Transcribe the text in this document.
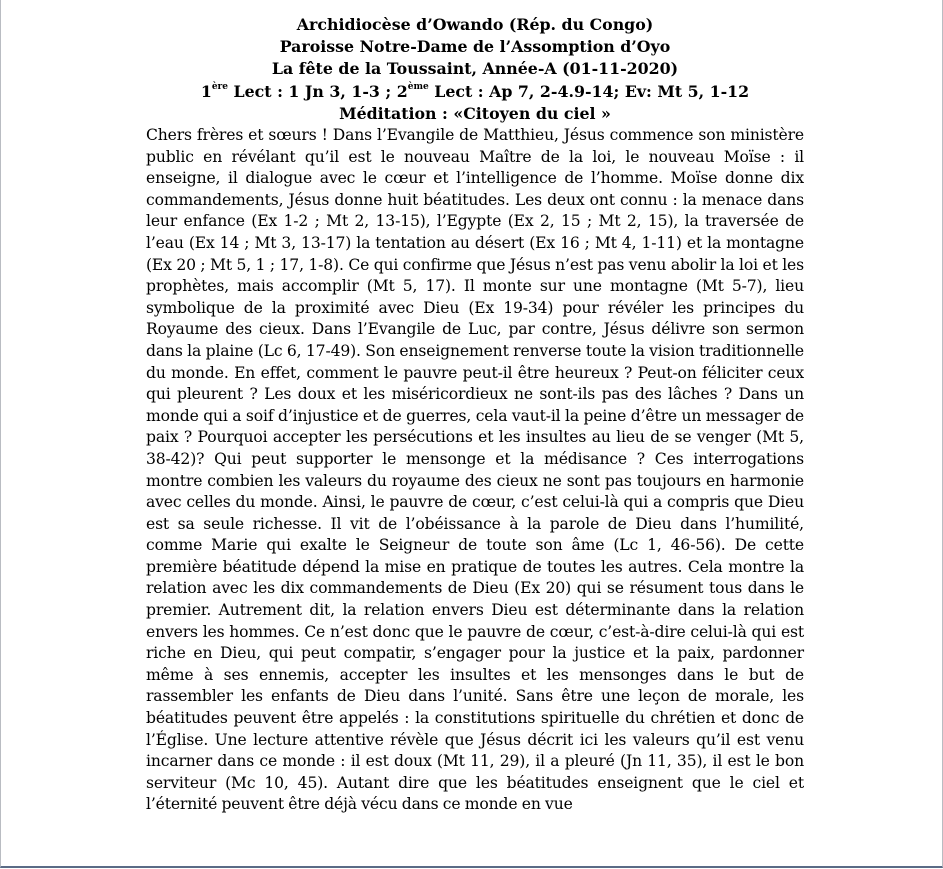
Archidiocèse d’Owando (Rép. du Congo)
Paroisse Notre-Dame de l’Assomption d’Oyo
La fête de la Toussaint, Année-A (01-11-2020)
1ère Lect : 1 Jn 3, 1-3 ; 2ème Lect : Ap 7, 2-4.9-14; Ev: Mt 5, 1-12
Méditation : «Citoyen du ciel »

Chers frères et sœurs ! Dans l’Evangile de Matthieu, Jésus commence son ministère public en révélant qu’il est le nouveau Maître de la loi, le nouveau Moïse : il enseigne, il dialogue avec le cœur et l’intelligence de l’homme. Moïse donne dix commandements, Jésus donne huit béatitudes. Les deux ont connu : la menace dans leur enfance (Ex 1-2 ; Mt 2, 13-15), l’Egypte (Ex 2, 15 ; Mt 2, 15), la traversée de l’eau (Ex 14 ; Mt 3, 13-17) la tentation au désert (Ex 16 ; Mt 4, 1-11) et la montagne (Ex 20 ; Mt 5, 1 ; 17, 1-8). Ce qui confirme que Jésus n’est pas venu abolir la loi et les prophètes, mais accomplir (Mt 5, 17). Il monte sur une montagne (Mt 5-7), lieu symbolique de la proximité avec Dieu (Ex 19-34) pour révéler les principes du Royaume des cieux. Dans l’Evangile de Luc, par contre, Jésus délivre son sermon dans la plaine (Lc 6, 17-49). Son enseignement renverse toute la vision traditionnelle du monde. En effet, comment le pauvre peut-il être heureux ? Peut-on féliciter ceux qui pleurent ? Les doux et les miséricordieux ne sont-ils pas des lâches ? Dans un monde qui a soif d’injustice et de guerres, cela vaut-il la peine d’être un messager de paix ? Pourquoi accepter les persécutions et les insultes au lieu de se venger (Mt 5, 38-42)? Qui peut supporter le mensonge et la médisance ? Ces interrogations montre combien les valeurs du royaume des cieux ne sont pas toujours en harmonie avec celles du monde. Ainsi, le pauvre de cœur, c’est celui-là qui a compris que Dieu est sa seule richesse. Il vit de l’obéissance à la parole de Dieu dans l’humilité, comme Marie qui exalte le Seigneur de toute son âme (Lc 1, 46-56). De cette première béatitude dépend la mise en pratique de toutes les autres. Cela montre la relation avec les dix commandements de Dieu (Ex 20) qui se résument tous dans le premier. Autrement dit, la relation envers Dieu est déterminante dans la relation envers les hommes. Ce n’est donc que le pauvre de cœur, c’est-à-dire celui-là qui est riche en Dieu, qui peut compatir, s’engager pour la justice et la paix, pardonner même à ses ennemis, accepter les insultes et les mensonges dans le but de rassembler les enfants de Dieu dans l’unité. Sans être une leçon de morale, les béatitudes peuvent être appelés : la constitutions spirituelle du chrétien et donc de l’Église. Une lecture attentive révèle que Jésus décrit ici les valeurs qu’il est venu incarner dans ce monde : il est doux (Mt 11, 29), il a pleuré (Jn 11, 35), il est le bon serviteur (Mc 10, 45). Autant dire que les béatitudes enseignent que le ciel et l’éternité peuvent être déjà vécu dans ce monde en vue
